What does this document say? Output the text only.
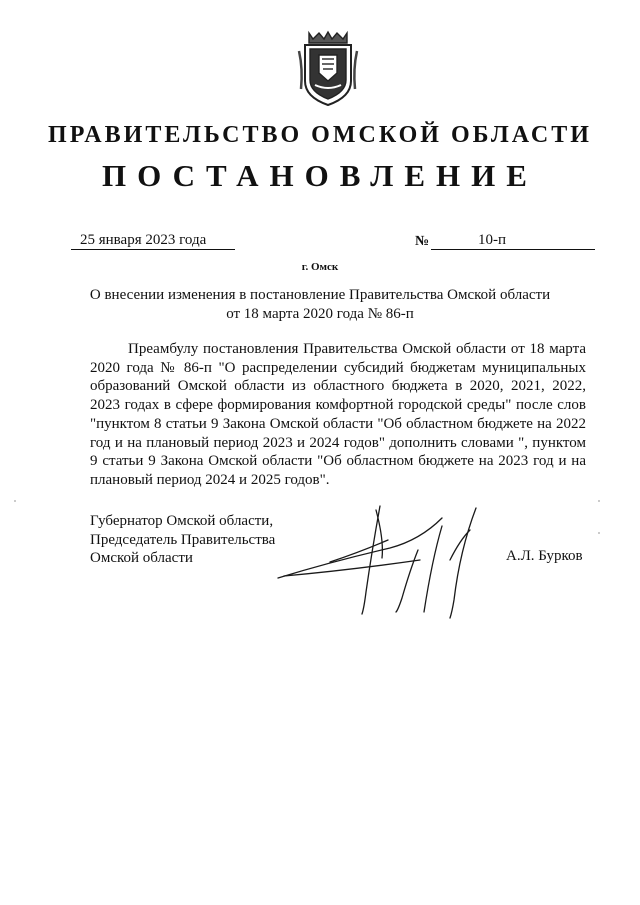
ПРАВИТЕЛЬСТВО ОМСКОЙ ОБЛАСТИ
ПОСТАНОВЛЕНИЕ
25 января 2023 года	№	10-п
г. Омск
О внесении изменения в постановление Правительства Омской области
от 18 марта 2020 года № 86-п
Преамбулу постановления Правительства Омской области от 18 марта 2020 года № 86-п "О распределении субсидий бюджетам муниципальных образований Омской области из областного бюджета в 2020, 2021, 2022, 2023 годах в сфере формирования комфортной городской среды" после слов "пунктом 8 статьи 9 Закона Омской области "Об областном бюджете на 2022 год и на плановый период 2023 и 2024 годов" дополнить словами ", пунктом 9 статьи 9 Закона Омской области "Об областном бюджете на 2023 год и на плановый период 2024 и 2025 годов".
Губернатор Омской области,
Председатель Правительства
Омской области	А.Л. Бурков
